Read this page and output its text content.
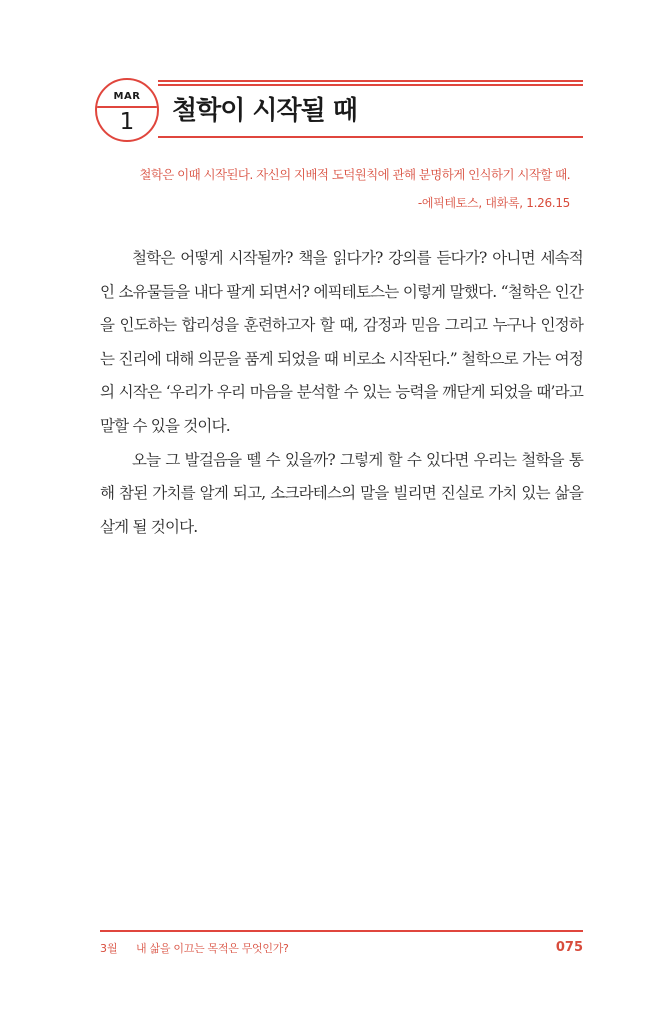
MAR
1	철학이 시작될 때
철학은 이때 시작된다. 자신의 지배적 도덕원칙에 관해 분명하게 인식하기 시작할 때.
-에픽테토스, 대화록, 1.26.15

철학은 어떻게 시작될까? 책을 읽다가? 강의를 듣다가? 아니면 세속적인 소유물들을 내다 팔게 되면서? 에픽테토스는 이렇게 말했다. “철학은 인간을 인도하는 합리성을 훈련하고자 할 때, 감정과 믿음 그리고 누구나 인정하는 진리에 대해 의문을 품게 되었을 때 비로소 시작된다.” 철학으로 가는 여정의 시작은 ‘우리가 우리 마음을 분석할 수 있는 능력을 깨닫게 되었을 때’라고 말할 수 있을 것이다.

오늘 그 발걸음을 뗄 수 있을까? 그렇게 할 수 있다면 우리는 철학을 통해 참된 가치를 알게 되고, 소크라테스의 말을 빌리면 진실로 가치 있는 삶을 살게 될 것이다.

3월 내 삶을 이끄는 목적은 무엇인가?	075
